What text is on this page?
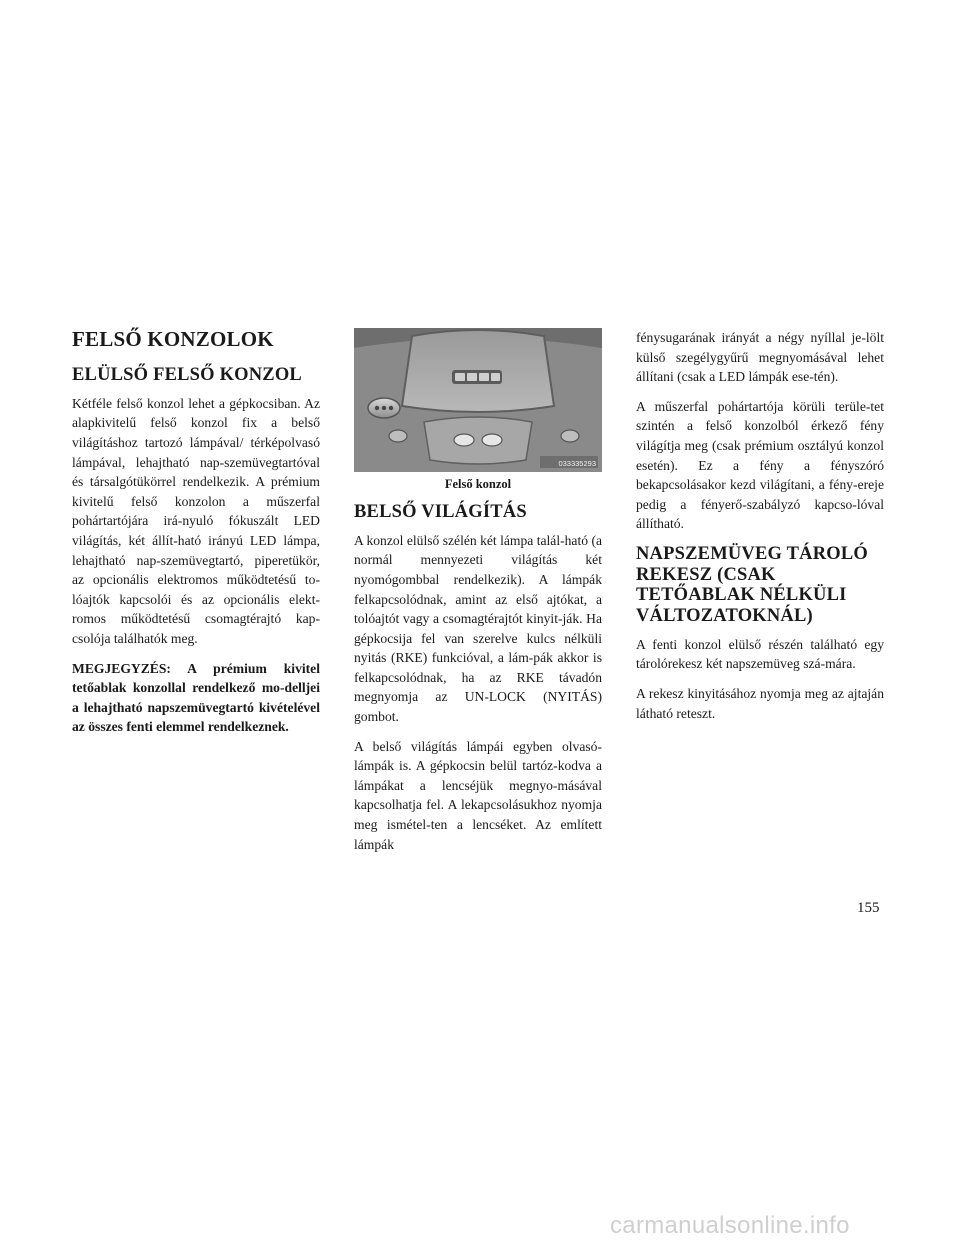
FELSŐ KONZOLOK
ELÜLSŐ FELSŐ KONZOL

Kétféle felső konzol lehet a gépkocsiban. Az alapkivitelű felső konzol fix a belső világításhoz tartozó lámpával/ térképolvasó lámpával, lehajtható nap-szemüvegtartóval és társalgótükörrel rendelkezik. A prémium kivitelű felső konzolon a műszerfal pohártartójára irá-nyuló fókuszált LED világítás, két állít-ható irányú LED lámpa, lehajtható nap-szemüvegtartó, piperetükör, az opcionális elektromos működtetésű to-lóajtók kapcsolói és az opcionális elekt-romos működtetésű csomagtérajtó kap-csolója találhatók meg.

MEGJEGYZÉS: A prémium kivitel tetőablak konzollal rendelkező mo-delljei a lehajtható napszemüvegtartó kivételével az összes fenti elemmel rendelkeznek.

033335293
Felső konzol
BELSŐ VILÁGÍTÁS

A konzol elülső szélén két lámpa talál-ható (a normál mennyezeti világítás két nyomógombbal rendelkezik). A lámpák felkapcsolódnak, amint az első ajtókat, a tolóajtót vagy a csomagtérajtót kinyit-ják. Ha gépkocsija fel van szerelve kulcs nélküli nyitás (RKE) funkcióval, a lám-pák akkor is felkapcsolódnak, ha az RKE távadón megnyomja az UN-LOCK (NYITÁS) gombot.

A belső világítás lámpái egyben olvasó-lámpák is. A gépkocsin belül tartóz-kodva a lámpákat a lencséjük megnyo-másával kapcsolhatja fel. A lekapcsolásukhoz nyomja meg ismétel-ten a lencséket. Az említett lámpák

fénysugarának irányát a négy nyíllal je-lölt külső szegélygyűrű megnyomásával lehet állítani (csak a LED lámpák ese-tén).

A műszerfal pohártartója körüli terüle-tet szintén a felső konzolból érkező fény világítja meg (csak prémium osztályú konzol esetén). Ez a fény a fényszóró bekapcsolásakor kezd világítani, a fény-ereje pedig a fényerő-szabályzó kapcso-lóval állítható.

NAPSZEMÜVEG TÁROLÓ REKESZ (CSAK TETŐABLAK NÉLKÜLI VÁLTOZATOKNÁL)

A fenti konzol elülső részén található egy tárolórekesz két napszemüveg szá-mára.

A rekesz kinyitásához nyomja meg az ajtaján látható reteszt.

155
carmanualsonline.info
